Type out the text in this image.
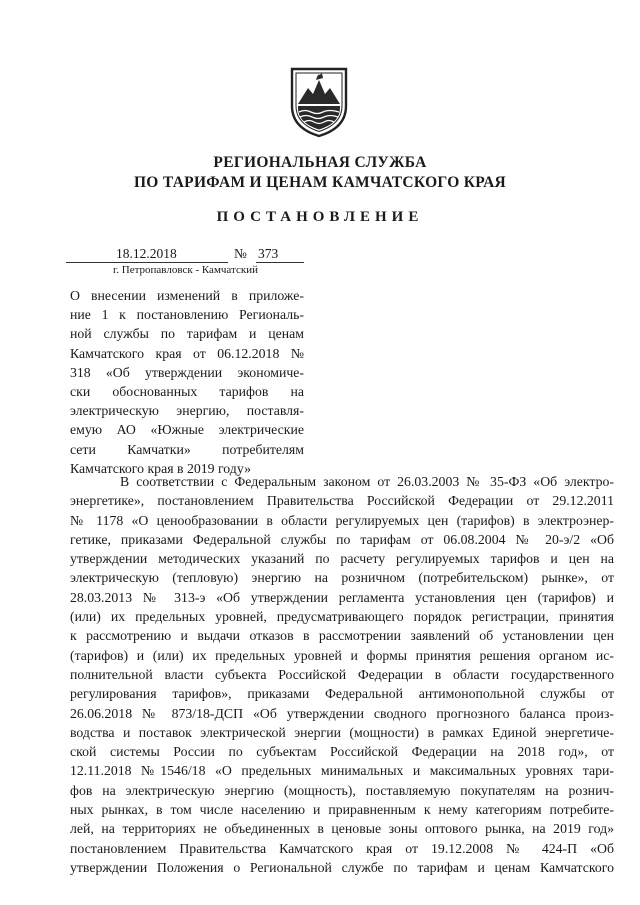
РЕГИОНАЛЬНАЯ СЛУЖБА
ПО ТАРИФАМ И ЦЕНАМ КАМЧАТСКОГО КРАЯ
ПОСТАНОВЛЕНИЕ
18.12.2018	№ 373
г. Петропавловск - Камчатский
О внесении изменений в приложе-
ние 1 к постановлению Региональ-
ной службы по тарифам и ценам
Камчатского края от 06.12.2018 №
318 «Об утверждении экономиче-
ски обоснованных тарифов на
электрическую энергию, поставля-
емую АО «Южные электрические
сети Камчатки» потребителям
Камчатского края в 2019 году»
В соответствии с Федеральным законом от 26.03.2003 № 35-ФЗ «Об электро-
энергетике», постановлением Правительства Российской Федерации от 29.12.2011
№ 1178 «О ценообразовании в области регулируемых цен (тарифов) в электроэнер-
гетике, приказами Федеральной службы по тарифам от 06.08.2004 № 20-э/2 «Об
утверждении методических указаний по расчету регулируемых тарифов и цен на
электрическую (тепловую) энергию на розничном (потребительском) рынке», от
28.03.2013 № 313-э «Об утверждении регламента установления цен (тарифов) и
(или) их предельных уровней, предусматривающего порядок регистрации, принятия
к рассмотрению и выдачи отказов в рассмотрении заявлений об установлении цен
(тарифов) и (или) их предельных уровней и формы принятия решения органом ис-
полнительной власти субъекта Российской Федерации в области государственного
регулирования тарифов», приказами Федеральной антимонопольной службы от
26.06.2018 № 873/18-ДСП «Об утверждении сводного прогнозного баланса произ-
водства и поставок электрической энергии (мощности) в рамках Единой энергетиче-
ской системы России по субъектам Российской Федерации на 2018 год», от
12.11.2018 №1546/18 «О предельных минимальных и максимальных уровнях тари-
фов на электрическую энергию (мощность), поставляемую покупателям на рознич-
ных рынках, в том числе населению и приравненным к нему категориям потребите-
лей, на территориях не объединенных в ценовые зоны оптового рынка, на 2019 год»
постановлением Правительства Камчатского края от 19.12.2008 № 424-П «Об
утверждении Положения о Региональной службе по тарифам и ценам Камчатского
